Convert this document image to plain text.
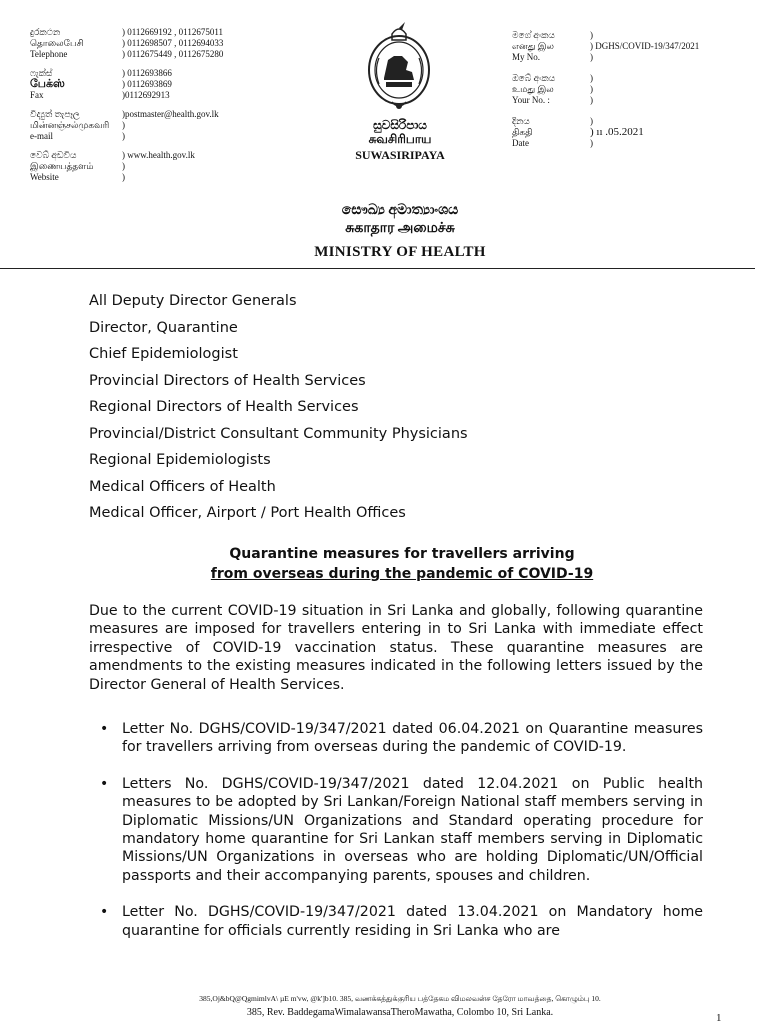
දුරකථන
தொலைபேசி
Telephone
) 0112669192 , 0112675011
) 0112698507 , 0112694033
) 0112675449 , 0112675280
ෆැක්ස්
பேக்ஸ்
Fax
) 0112693866
) 0112693869
)0112692913
විද්‍යුත් තැපෑල
மின்னஞ்சல்முகவரி
e-mail
)postmaster@health.gov.lk
)
)
වෙබ් අඩවිය
இணையத்தளம்
Website
) www.health.gov.lk
)
)
සුවසිරිපාය
சுவசிரிபாய
SUWASIRIPAYA
මගේ අංකය
எனது இல
My No.
)
) DGHS/COVID-19/347/2021
)
ඔබේ අංකය
உமது இல
Your No. :
)
)
)
දිනය
திகதி
Date
)
) ıı .05.2021
)
සෞඛ්‍ය අමාත්‍යාංශය
சுகாதார அமைச்சு
MINISTRY OF HEALTH
All Deputy Director Generals
Director, Quarantine
Chief Epidemiologist
Provincial Directors of Health Services
Regional Directors of Health Services
Provincial/District Consultant Community Physicians
Regional Epidemiologists
Medical Officers of Health
Medical Officer, Airport / Port Health Offices
Quarantine measures for travellers arriving
from overseas during the pandemic of COVID-19
Due to the current COVID-19 situation in Sri Lanka and globally, following quarantine measures are imposed for travellers entering in to Sri Lanka with immediate effect irrespective of COVID-19 vaccination status. These quarantine measures are amendments to the existing measures indicated in the following letters issued by the Director General of Health Services.
• Letter No. DGHS/COVID-19/347/2021 dated 06.04.2021 on Quarantine measures for travellers arriving from overseas during the pandemic of COVID-19.
• Letters No. DGHS/COVID-19/347/2021 dated 12.04.2021 on Public health measures to be adopted by Sri Lankan/Foreign National staff members serving in Diplomatic Missions/UN Organizations and Standard operating procedure for mandatory home quarantine for Sri Lankan staff members serving in Diplomatic Missions/UN Organizations in overseas who are holding Diplomatic/UN/Official passports and their accompanying parents, spouses and children.
• Letter No. DGHS/COVID-19/347/2021 dated 13.04.2021 on Mandatory home quarantine for officials currently residing in Sri Lanka who are
385,Oj&bQ@QgmimlvA\ µE m'vw, @k']b10. 385, வணக்கத்துக்குரிய பத்தேகம விமலவன்ச தேரோ மாவத்தை, கொழும்பு 10.
385, Rev. BaddegamaWimalawansaTheroMawatha, Colombo 10, Sri Lanka.	1
